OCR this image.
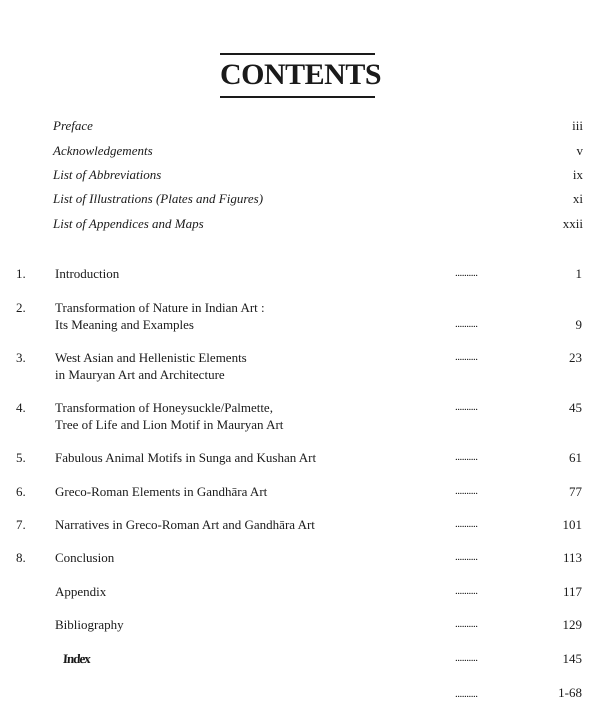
CONTENTS
Preface	iii
Acknowledgements	v
List of Abbreviations	ix
List of Illustrations (Plates and Figures)	xi
List of Appendices and Maps	xxii
1. Introduction	..........	1
2. Transformation of Nature in Indian Art :
Its Meaning and Examples	..........	9
3. West Asian and Hellenistic Elements
in Mauryan Art and Architecture
..........	23
4. Transformation of Honeysuckle/Palmette,
Tree of Life and Lion Motif in Mauryan Art
..........	45
5. Fabulous Animal Motifs in Sunga and Kushan Art	..........	61
6. Greco-Roman Elements in Gandhāra Art	..........	77
7. Narratives in Greco-Roman Art and Gandhāra Art	..........	101
8. Conclusion	..........	113
Appendix	..........	117
Bibliography	..........	129
Index	..........	145
..........	1-68
